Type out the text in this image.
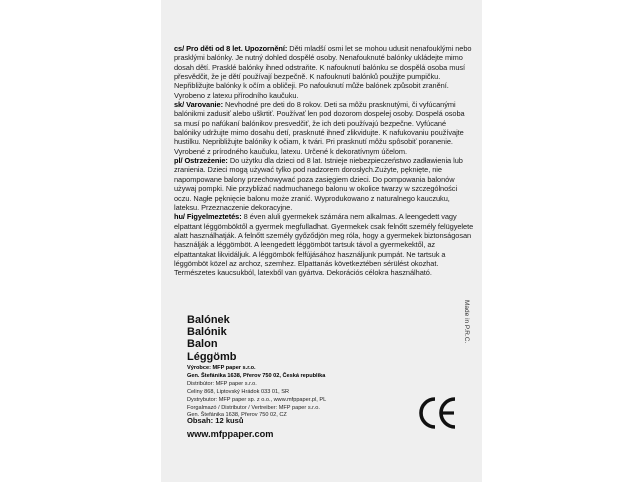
cs/ Pro děti od 8 let. Upozornění: Děti mladší osmi let se mohou udusit nenafouklými nebo prasklými balónky. Je nutný dohled dospělé osoby. Nenafouknuté balónky ukládejte mimo dosah dětí. Prasklé balónky ihned odstraňte. K nafouknutí balónku se dospělá osoba musí přesvědčit, že je dětí používají bezpečně. K nafouknutí balónků použijte pumpičku. Nepřibližujte balónky k očím a obličeji. Po nafouknutí může balónek způsobit zranění. Vyrobeno z latexu přírodního kaučuku.

sk/ Varovanie: Nevhodné pre deti do 8 rokov. Deti sa môžu prasknutými, či vyfúcanými balónikmi zadusiť alebo uškrtiť. Používať len pod dozorom dospelej osoby. Dospelá osoba sa musí po nafúkaní balónikov presvedčiť, že ich deti používajú bezpečne. Vyfúcané balóniky udržujte mimo dosahu detí, prasknuté ihneď zlikvidujte. K nafukovaniu používajte hustilku. Nepribližujte balóniky k očiam, k tvári. Pri prasknutí môžu spôsobiť poranenie. Vyrobené z prírodného kaučuku, latexu. Určené k dekoratívnym účelom.

pl/ Ostrzeżenie: Do użytku dla dzieci od 8 lat. Istnieje niebezpieczeństwo zadławienia lub zranienia. Dzieci mogą używać tylko pod nadzorem dorosłych.Zużyte, pęknięte, nie napompowane balony przechowywać poza zasięgiem dzieci. Do pompowania balonów używaj pompki. Nie przybliżać nadmuchanego balonu w okolice twarzy w szczególności oczu. Nagłe pęknięcie balonu może zranić. Wyprodukowano z naturalnego kauczuku, lateksu. Przeznaczenie dekoracyjne.

hu/ Figyelmeztetés: 8 éven aluli gyermekek számára nem alkalmas. A leengedett vagy elpattant léggömböktől a gyermek megfulladhat. Gyermekek csak felnőtt személy felügyelete alatt használhatják. A felnőtt személy győződjön meg róla, hogy a gyermekek biztonságosan használják a léggömböt. A leengedett léggömböt tartsuk távol a gyermekektől, az elpattantakat likvidáljuk. A léggömbök felfújásához használjunk pumpát. Ne tartsuk a léggömböt közel az archoz, szemhez. Elpattanás következtében sérülést okozhat.

Természetes kaucsukból, latexből van gyártva. Dekorációs célokra használható.

Balónek
Balónik
Balon
Léggömb
Made in P.R.C.
Výrobce: MFP paper s.r.o.
Gen. Štefánika 1638, Přerov 750 02, Česká republika
Distribútor: MFP paper s.r.o.
Celiny 868, Liptovský Hrádok 033 01, SR
Dystrybutor: MFP paper sp. z o.o., www.mfppaper.pl, PL
Forgalmazó / Distributor / Vertreiber: MFP paper s.r.o.
Gen. Štefánika 1638, Přerov 750 02, CZ
Obsah: 12 kusů
www.mfppaper.com
